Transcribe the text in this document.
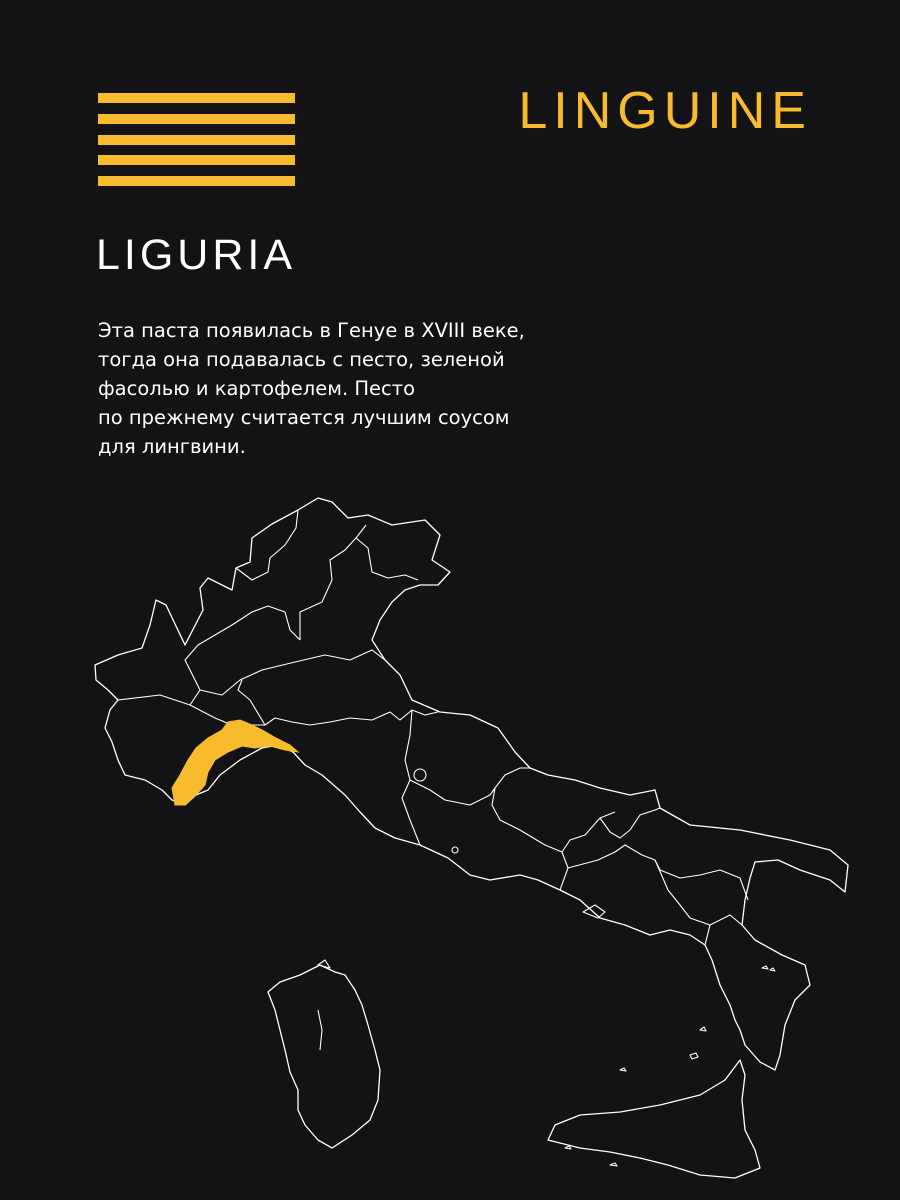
LINGUINE
LIGURIA

Эта паста появилась в Генуе в XVIII веке,
тогда она подавалась с песто, зеленой
фасолью и картофелем. Песто
по прежнему считается лучшим соусом
для лингвини.
